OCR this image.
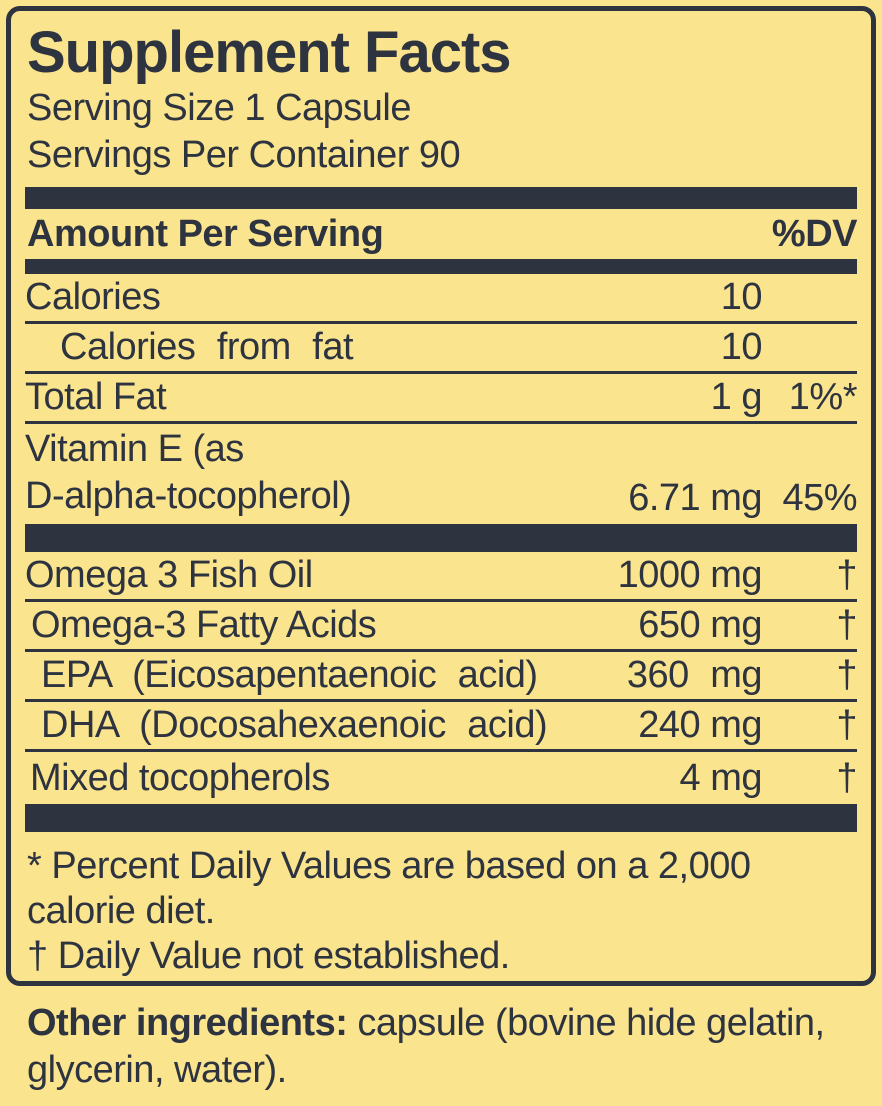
Supplement Facts
Serving Size 1 Capsule
Servings Per Container 90
Amount Per Serving	%DV
Calories	10
Calories from fat	10
Total Fat	1 g 1%*
Vitamin E (as
D-alpha-tocopherol)	6.71 mg 45%
Omega 3 Fish Oil	1000 mg	†
Omega-3 Fatty Acids	650 mg	†
EPA (Eicosapentaenoic acid)	360 mg	†
DHA (Docosahexaenoic acid)	240 mg	†
Mixed tocopherols	4 mg	†
* Percent Daily Values are based on a 2,000 calorie diet.
† Daily Value not established.
Other ingredients: capsule (bovine hide gelatin, glycerin, water).
